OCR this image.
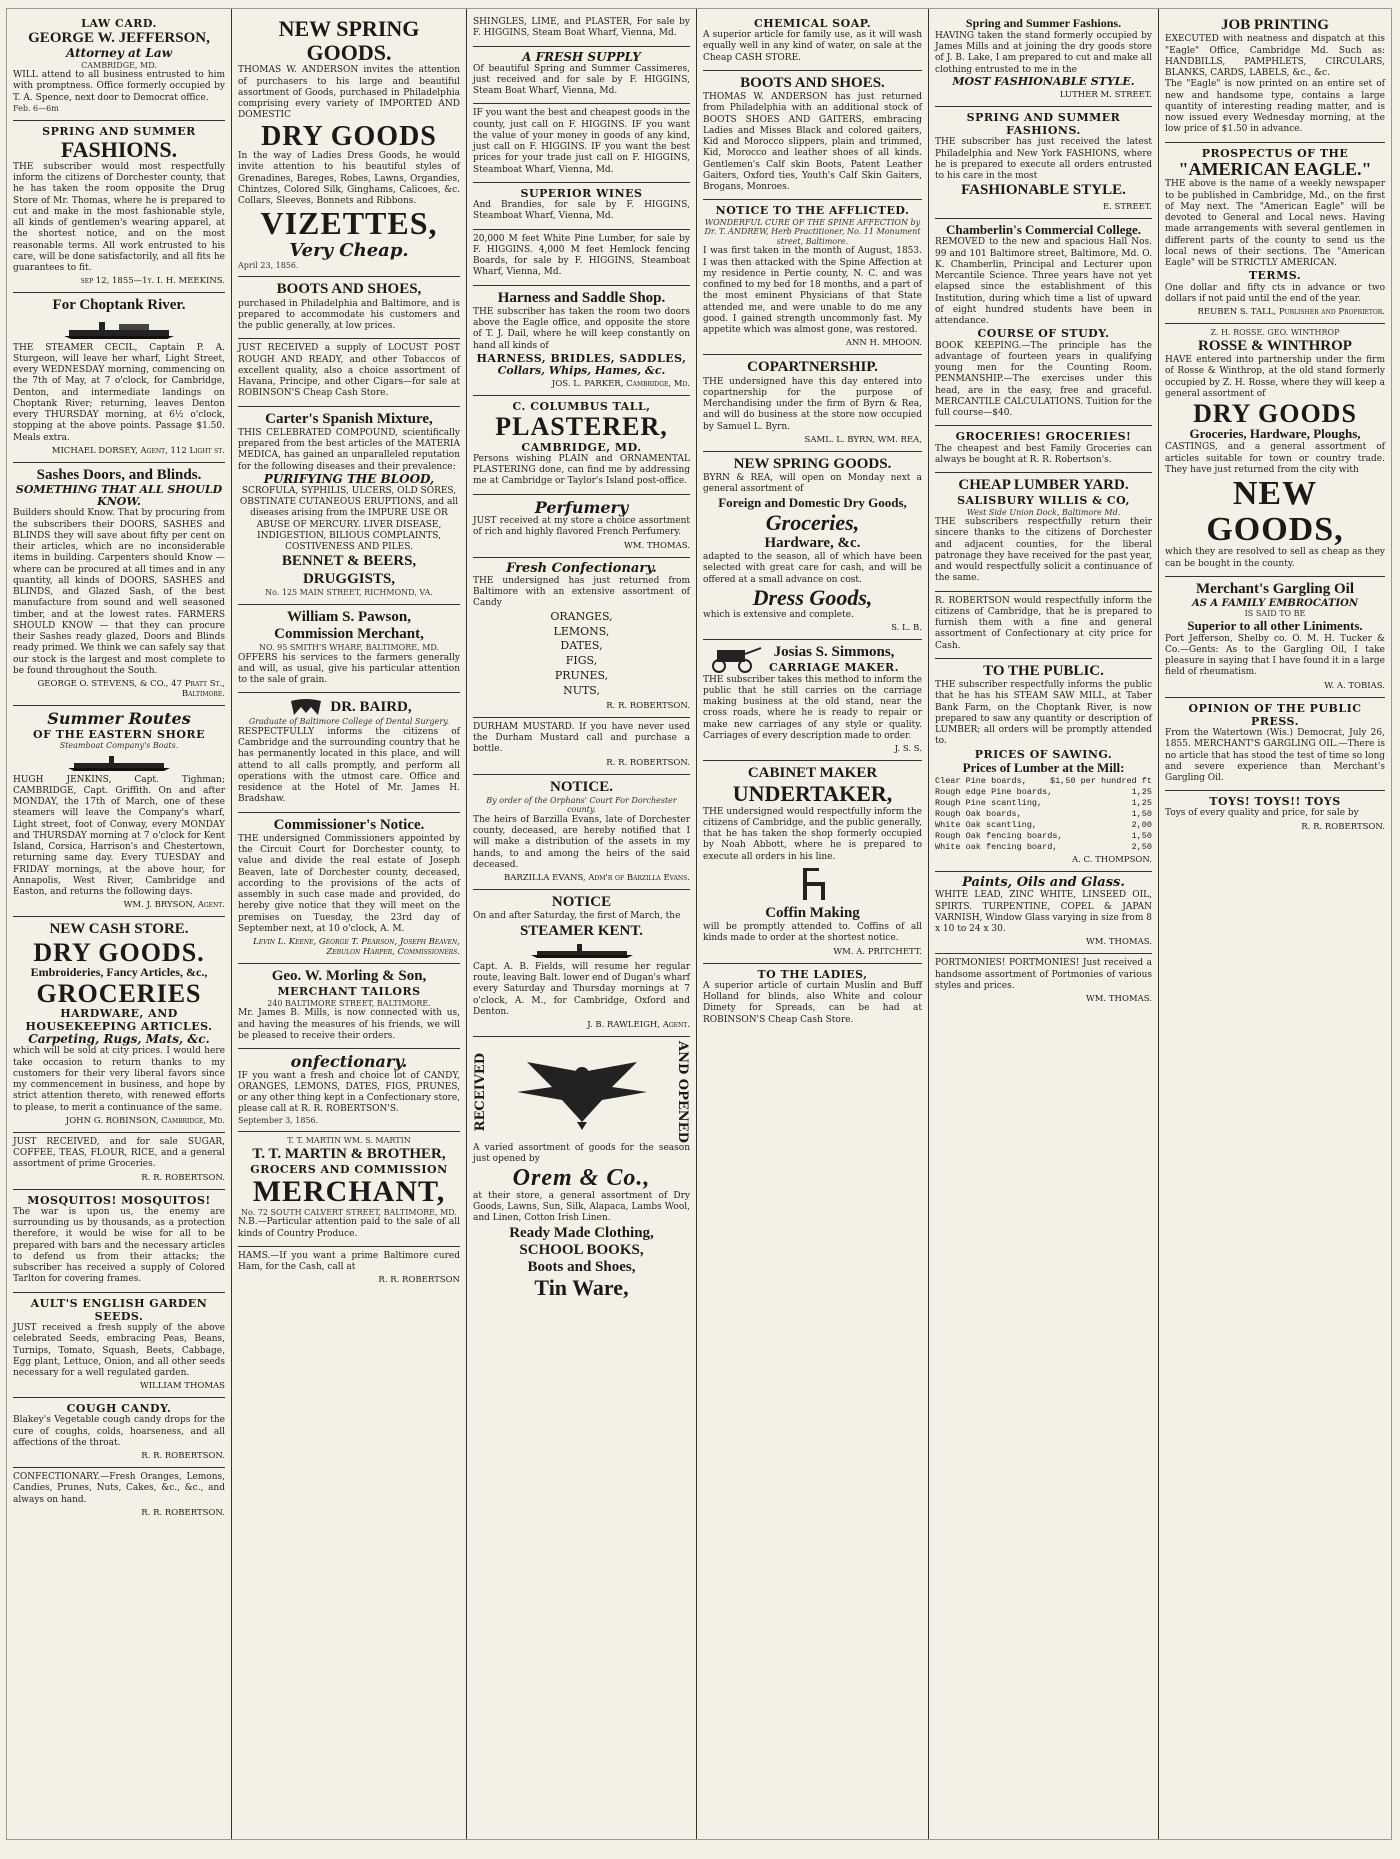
LAW CARD.
GEORGE W. JEFFERSON,
Attorney at Law
CAMBRIDGE, MD.
WILL attend to all business entrusted to him with promptness. Office formerly occupied by T. A. Spence, next door to Democrat office.
Feb. 6—6m
SPRING AND SUMMER
FASHIONS.
THE subscriber would most respectfully inform the citizens of Dorchester county, that he has taken the room opposite the Drug Store of Mr. Thomas, where he is prepared to cut and make in the most fashionable style, all kinds of gentlemen's wearing apparel, at the shortest notice, and on the most reasonable terms. All work entrusted to his care, will be done satisfactorily, and all fits he guarantees to fit.
sep 12, 1855—1y. I. H. MEEKINS.
For Choptank River.
THE STEAMER CECIL, Captain P. A. Sturgeon, will leave her wharf, Light Street, every WEDNESDAY morning, commencing on the 7th of May, at 7 o'clock, for Cambridge, Denton, and intermediate landings on Choptank River; returning, leaves Denton every THURSDAY morning, at 6½ o'clock, stopping at the above points. Passage $1.50. Meals extra.
MICHAEL DORSEY, Agent, 112 Light st.
Sashes Doors, and Blinds.
SOMETHING THAT ALL SHOULD KNOW.
Builders should Know. That by procuring from the subscribers their DOORS, SASHES and BLINDS they will save about fifty per cent on their articles, which are no inconsiderable items in building. Carpenters should Know — where can be procured at all times and in any quantity, all kinds of DOORS, SASHES and BLINDS, and Glazed Sash, of the best manufacture from sound and well seasoned timber, and at the lowest rates. FARMERS SHOULD KNOW — that they can procure their Sashes ready glazed, Doors and Blinds ready primed. We think we can safely say that our stock is the largest and most complete to be found throughout the South.
GEORGE O. STEVENS, & CO., 47 Pratt St., Baltimore.
Summer Routes
OF THE EASTERN SHORE
Steamboat Company's Boats.
HUGH JENKINS, Capt. Tighman; CAMBRIDGE, Capt. Griffith. On and after MONDAY, the 17th of March, one of these steamers will leave the Company's wharf, Light street, foot of Conway, every MONDAY and THURSDAY morning at 7 o'clock for Kent Island, Corsica, Harrison's and Chestertown, returning same day. Every TUESDAY and FRIDAY mornings, at the above hour, for Annapolis, West River, Cambridge and Easton, and returns the following days.
WM. J. BRYSON, Agent.
NEW CASH STORE.
DRY GOODS.
Embroideries, Fancy Articles, &c.,
GROCERIES
HARDWARE, AND HOUSEKEEPING ARTICLES.
Carpeting, Rugs, Mats, &c.
which will be sold at city prices. I would here take occasion to return thanks to my customers for their very liberal favors since my commencement in business, and hope by strict attention thereto, with renewed efforts to please, to merit a continuance of the same.
JOHN G. ROBINSON, Cambridge, Md.
JUST RECEIVED, and for sale SUGAR, COFFEE, TEAS, FLOUR, RICE, and a general assortment of prime Groceries.
R. R. ROBERTSON.
MOSQUITOS! MOSQUITOS!
The war is upon us, the enemy are surrounding us by thousands, as a protection therefore, it would be wise for all to be prepared with bars and the necessary articles to defend us from their attacks; the subscriber has received a supply of Colored Tarlton for covering frames.
AULT'S ENGLISH GARDEN SEEDS.
JUST received a fresh supply of the above celebrated Seeds, embracing Peas, Beans, Turnips, Tomato, Squash, Beets, Cabbage, Egg plant, Lettuce, Onion, and all other seeds necessary for a well regulated garden.
WILLIAM THOMAS
COUGH CANDY.
Blakey's Vegetable cough candy drops for the cure of coughs, colds, hoarseness, and all affections of the throat.
R. R. ROBERTSON.
CONFECTIONARY.—Fresh Oranges, Lemons, Candies, Prunes, Nuts, Cakes, &c., &c., and always on hand.
R. R. ROBERTSON.
NEW SPRING GOODS.
THOMAS W. ANDERSON invites the attention of purchasers to his large and beautiful assortment of Goods, purchased in Philadelphia comprising every variety of IMPORTED AND DOMESTIC
DRY GOODS
In the way of Ladies Dress Goods, he would invite attention to his beautiful styles of Grenadines, Bareges, Robes, Lawns, Organdies, Chintzes, Colored Silk, Ginghams, Calicoes, &c. Collars, Sleeves, Bonnets and Ribbons.
VIZETTES,
Very Cheap.
April 23, 1856.
BOOTS AND SHOES,
purchased in Philadelphia and Baltimore, and is prepared to accommodate his customers and the public generally, at low prices.
JUST RECEIVED a supply of LOCUST POST ROUGH AND READY, and other Tobaccos of excellent quality, also a choice assortment of Havana, Principe, and other Cigars—for sale at ROBINSON'S Cheap Cash Store.
Carter's Spanish Mixture,
THIS CELEBRATED COMPOUND, scientifically prepared from the best articles of the MATERIA MEDICA, has gained an unparalleled reputation for the following diseases and their prevalence:
PURIFYING THE BLOOD,
SCROFULA, SYPHILIS, ULCERS, OLD SORES, OBSTINATE CUTANEOUS ERUPTIONS, and all diseases arising from the IMPURE USE OR ABUSE OF MERCURY. LIVER DISEASE, INDIGESTION, BILIOUS COMPLAINTS, COSTIVENESS AND PILES.
BENNET & BEERS, DRUGGISTS,
No. 125 MAIN STREET, RICHMOND, VA.
William S. Pawson,
Commission Merchant,
NO. 95 SMITH'S WHARF, BALTIMORE, MD.
OFFERS his services to the farmers generally and will, as usual, give his particular attention to the sale of grain.
DR. BAIRD,
Graduate of Baltimore College of Dental Surgery.
RESPECTFULLY informs the citizens of Cambridge and the surrounding country that he has permanently located in this place, and will attend to all calls promptly, and perform all operations with the utmost care. Office and residence at the Hotel of Mr. James H. Bradshaw.
Commissioner's Notice.
THE undersigned Commissioners appointed by the Circuit Court for Dorchester county, to value and divide the real estate of Joseph Beaven, late of Dorchester county, deceased, according to the provisions of the acts of assembly in such case made and provided, do hereby give notice that they will meet on the premises on Tuesday, the 23rd day of September next, at 10 o'clock, A. M.
Levin L. Keene, George T. Pearson, Joseph Beaven, Zebulon Harper, Commissioners.
Geo. W. Morling & Son,
MERCHANT TAILORS
240 BALTIMORE STREET, BALTIMORE.
Mr. James B. Mills, is now connected with us, and having the measures of his friends, we will be pleased to receive their orders.
onfectionary.
IF you want a fresh and choice lot of CANDY, ORANGES, LEMONS, DATES, FIGS, PRUNES, or any other thing kept in a Confectionary store, please call at R. R. ROBERTSON'S.
September 3, 1856.
T. T. MARTIN WM. S. MARTIN
T. T. MARTIN & BROTHER,
GROCERS AND COMMISSION
MERCHANT,
No. 72 SOUTH CALVERT STREET, BALTIMORE, MD.
N.B.—Particular attention paid to the sale of all kinds of Country Produce.
HAMS.—If you want a prime Baltimore cured Ham, for the Cash, call at
R. R. ROBERTSON
SHINGLES, LIME, and PLASTER, For sale by F. HIGGINS, Steam Boat Wharf, Vienna, Md.
A FRESH SUPPLY
Of beautiful Spring and Summer Cassimeres, just received and for sale by F. HIGGINS, Steam Boat Wharf, Vienna, Md.
IF you want the best and cheapest goods in the county, just call on F. HIGGINS. IF you want the value of your money in goods of any kind, just call on F. HIGGINS. IF you want the best prices for your trade just call on F. HIGGINS, Steamboat Wharf, Vienna, Md.
SUPERIOR WINES
And Brandies, for sale by F. HIGGINS, Steamboat Wharf, Vienna, Md.
20,000 M feet White Pine Lumber, for sale by F. HIGGINS. 4,000 M feet Hemlock fencing Boards, for sale by F. HIGGINS, Steamboat Wharf, Vienna, Md.
Harness and Saddle Shop.
THE subscriber has taken the room two doors above the Eagle office, and opposite the store of T. J. Dail, where he will keep constantly on hand all kinds of
HARNESS, BRIDLES, SADDLES,
Collars, Whips, Hames, &c.
JOS. L. PARKER, Cambridge, Md.
C. COLUMBUS TALL,
PLASTERER,
CAMBRIDGE, MD.
Persons wishing PLAIN and ORNAMENTAL PLASTERING done, can find me by addressing me at Cambridge or Taylor's Island post-office.
Perfumery
JUST received at my store a choice assortment of rich and highly flavored French Perfumery.
WM. THOMAS.
Fresh Confectionary.
THE undersigned has just returned from Baltimore with an extensive assortment of Candy
ORANGES,
LEMONS,
DATES,
FIGS,
PRUNES,
NUTS,
R. R. ROBERTSON.
DURHAM MUSTARD. If you have never used the Durham Mustard call and purchase a bottle.
R. R. ROBERTSON.
NOTICE.
By order of the Orphans' Court For Dorchester county.
The heirs of Barzilla Evans, late of Dorchester county, deceased, are hereby notified that I will make a distribution of the assets in my hands, to and among the heirs of the said deceased.
BARZILLA EVANS, Adm'r of Barzilla Evans.
NOTICE
On and after Saturday, the first of March, the
STEAMER KENT.
Capt. A. B. Fields, will resume her regular route, leaving Balt. lower end of Dugan's wharf every Saturday and Thursday mornings at 7 o'clock, A. M., for Cambridge, Oxford and Denton.
J. B. RAWLEIGH, Agent.
RECEIVED	AND OPENED
A varied assortment of goods for the season just opened by
Orem & Co.,
at their store, a general assortment of Dry Goods, Lawns, Sun, Silk, Alapaca, Lambs Wool, and Linen, Cotton Irish Linen.
Ready Made Clothing,
SCHOOL BOOKS,
Boots and Shoes,
Tin Ware,
CHEMICAL SOAP.
A superior article for family use, as it will wash equally well in any kind of water, on sale at the Cheap CASH STORE.
BOOTS AND SHOES.
THOMAS W. ANDERSON has just returned from Philadelphia with an additional stock of BOOTS SHOES AND GAITERS, embracing Ladies and Misses Black and colored gaiters, Kid and Morocco slippers, plain and trimmed, Kid, Morocco and leather shoes of all kinds. Gentlemen's Calf skin Boots, Patent Leather Gaiters, Oxford ties, Youth's Calf Skin Gaiters, Brogans, Monroes.
NOTICE TO THE AFFLICTED.
WONDERFUL CURE OF THE SPINE AFFECTION by Dr. T. ANDREW, Herb Practitioner, No. 11 Monument street, Baltimore.
I was first taken in the month of August, 1853. I was then attacked with the Spine Affection at my residence in Pertie county, N. C. and was confined to my bed for 18 months, and a part of the most eminent Physicians of that State attended me, and were unable to do me any good. I gained strength uncommonly fast. My appetite which was almost gone, was restored.
ANN H. MHOON.
COPARTNERSHIP.
THE undersigned have this day entered into copartnership for the purpose of Merchandising under the firm of Byrn & Rea, and will do business at the store now occupied by Samuel L. Byrn.
SAML. L. BYRN, WM. REA,
NEW SPRING GOODS.
BYRN & REA, will open on Monday next a general assortment of
Foreign and Domestic Dry Goods,
Groceries,
Hardware, &c.
adapted to the season, all of which have been selected with great care for cash, and will be offered at a small advance on cost.
Dress Goods,
which is extensive and complete.
S. L. B.
Josias S. Simmons,
CARRIAGE MAKER.
THE subscriber takes this method to inform the public that he still carries on the carriage making business at the old stand, near the cross roads, where he is ready to repair or make new carriages of any style or quality. Carriages of every description made to order.
J. S. S.
CABINET MAKER
UNDERTAKER,
THE undersigned would respectfully inform the citizens of Cambridge, and the public generally, that he has taken the shop formerly occupied by Noah Abbott, where he is prepared to execute all orders in his line.
Coffin Making
will be promptly attended to. Coffins of all kinds made to order at the shortest notice.
WM. A. PRITCHETT.
TO THE LADIES,
A superior article of curtain Muslin and Buff Holland for blinds, also White and colour Dimety for Spreads, can be had at ROBINSON'S Cheap Cash Store.
Spring and Summer Fashions.
HAVING taken the stand formerly occupied by James Mills and at joining the dry goods store of J. B. Lake, I am prepared to cut and make all clothing entrusted to me in the
MOST FASHIONABLE STYLE.
LUTHER M. STREET.
SPRING AND SUMMER FASHIONS.
THE subscriber has just received the latest Philadelphia and New York FASHIONS, where he is prepared to execute all orders entrusted to his care in the most
FASHIONABLE STYLE.
E. STREET.
Chamberlin's Commercial College.
REMOVED to the new and spacious Hall Nos. 99 and 101 Baltimore street, Baltimore, Md. O. K. Chamberlin, Principal and Lecturer upon Mercantile Science. Three years have not yet elapsed since the establishment of this Institution, during which time a list of upward of eight hundred students have been in attendance.
COURSE OF STUDY.
BOOK KEEPING.—The principle has the advantage of fourteen years in qualifying young men for the Counting Room. PENMANSHIP.—The exercises under this head, are in the easy, free and graceful. MERCANTILE CALCULATIONS. Tuition for the full course—$40.
GROCERIES! GROCERIES!
The cheapest and best Family Groceries can always be bought at R. R. Robertson's.
CHEAP LUMBER YARD.
SALISBURY WILLIS & CO,
West Side Union Dock, Baltimore Md.
THE subscribers respectfully return their sincere thanks to the citizens of Dorchester and adjacent counties, for the liberal patronage they have received for the past year, and would respectfully solicit a continuance of the same.
R. ROBERTSON would respectfully inform the citizens of Cambridge, that he is prepared to furnish them with a fine and general assortment of Confectionary at city price for Cash.
TO THE PUBLIC.
THE subscriber respectfully informs the public that he has his STEAM SAW MILL, at Taber Bank Farm, on the Choptank River, is now prepared to saw any quantity or description of LUMBER; all orders will be promptly attended to.
PRICES OF SAWING.
Prices of Lumber at the Mill:
Clear Pine boards,	$1,50 per hundred ft
Rough edge Pine boards,	1,25
Rough Pine scantling,	1,25
Rough Oak boards,	1,50
White Oak scantling,	2,00
Rough Oak fencing boards,	1,50
White oak fencing board,	2,50
A. C. THOMPSON.
Paints, Oils and Glass.
WHITE LEAD, ZINC WHITE, LINSEED OIL, SPIRTS. TURPENTINE, COPEL & JAPAN VARNISH, Window Glass varying in size from 8 x 10 to 24 x 30.
WM. THOMAS.
PORTMONIES! PORTMONIES! Just received a handsome assortment of Portmonies of various styles and prices.
WM. THOMAS.
JOB PRINTING
EXECUTED with neatness and dispatch at this "Eagle" Office, Cambridge Md. Such as: HANDBILLS, PAMPHLETS, CIRCULARS, BLANKS, CARDS, LABELS, &c., &c.
The "Eagle" is now printed on an entire set of new and handsome type, contains a large quantity of interesting reading matter, and is now issued every Wednesday morning, at the low price of $1.50 in advance.
PROSPECTUS OF THE
"AMERICAN EAGLE."
THE above is the name of a weekly newspaper to be published in Cambridge, Md., on the first of May next. The "American Eagle" will be devoted to General and Local news. Having made arrangements with several gentlemen in different parts of the county to send us the local news of their sections. The "American Eagle" will be STRICTLY AMERICAN.
TERMS.
One dollar and fifty cts in advance or two dollars if not paid until the end of the year.
REUBEN S. TALL, Publisher and Proprietor.
Z. H. ROSSE. GEO. WINTHROP
ROSSE & WINTHROP
HAVE entered into partnership under the firm of Rosse & Winthrop, at the old stand formerly occupied by Z. H. Rosse, where they will keep a general assortment of
DRY GOODS
Groceries, Hardware, Ploughs,
CASTINGS, and a general assortment of articles suitable for town or country trade. They have just returned from the city with
NEW GOODS,
which they are resolved to sell as cheap as they can be bought in the county.
Merchant's Gargling Oil
AS A FAMILY EMBROCATION
IS SAID TO BE
Superior to all other Liniments.
Port Jefferson, Shelby co. O. M. H. Tucker & Co.—Gents: As to the Gargling Oil, I take pleasure in saying that I have found it in a large field of rheumatism.
W. A. TOBIAS.
OPINION OF THE PUBLIC PRESS.
From the Watertown (Wis.) Democrat, July 26, 1855. MERCHANT'S GARGLING OIL.—There is no article that has stood the test of time so long and severe experience than Merchant's Gargling Oil.
TOYS! TOYS!! TOYS
Toys of every quality and price, for sale by
R. R. ROBERTSON.
